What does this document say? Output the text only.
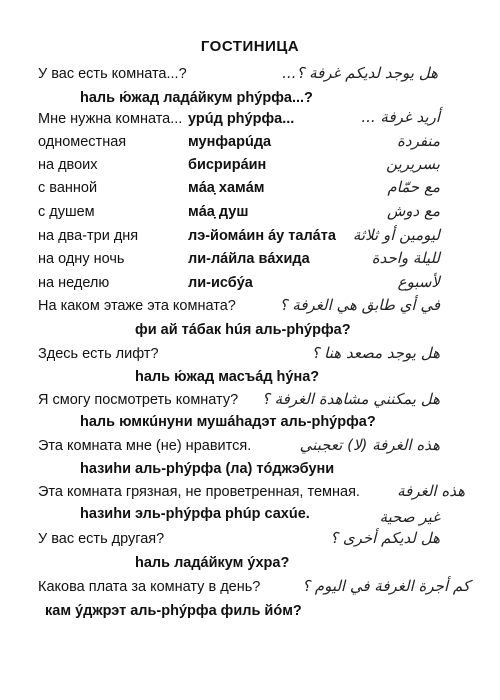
ГОСТИНИЦА
У вас есть комната...?	هل يوجد لديكم غرفة ؟...
hаль ю́жад ладáйкум рhýрфа...?
Мне нужна комната... урúд рhýрфа...	أريد غرفة ...
одноместная	мунфарúда	منفردة
на двоих	бисрирáин	بسريرين
с ванной	мáа̣ хамáм	مع حمّام
с душем	мáа̣ душ	مع دوش
на два-три дня	лэ-йомáин áу талáта	ليومين أو ثلاثة
на одну ночь	ли-лáйла вáхида	لليلة واحدة
на неделю	ли-исбýа	لأسبوع
На каком этаже эта комната?	في أي طابق هي الغرفة ؟
фи ай тáбак húя аль-рhýрфа?
Здесь есть лифт?	هل يوجد مصعد هنا ؟
hаль ю́жад масъáд hýна?
Я смогу посмотреть комнату? هل يمكنني مشاهدة الغرفة ؟
hаль юмкúнуни мушáhадэт аль-рhýрфа?
Эта комната мне (не) нравится.	هذه الغرفة (لا) تعجبني
hазиhи аль-рhýрфа (ла) тóджэбуни
Эта комната грязная, не проветренная, темная. هذه الغرفة
hазиhи эль-рhýрфа рhúр сахúе.	غير صحية
У вас есть другая?	هل لديكم أخرى ؟
hаль ладáйкум ýхра?
Какова плата за комнату в день?	كم أجرة الغرفة في اليوم ؟
кам ýджрэт аль-рhýрфа филь йóм?
